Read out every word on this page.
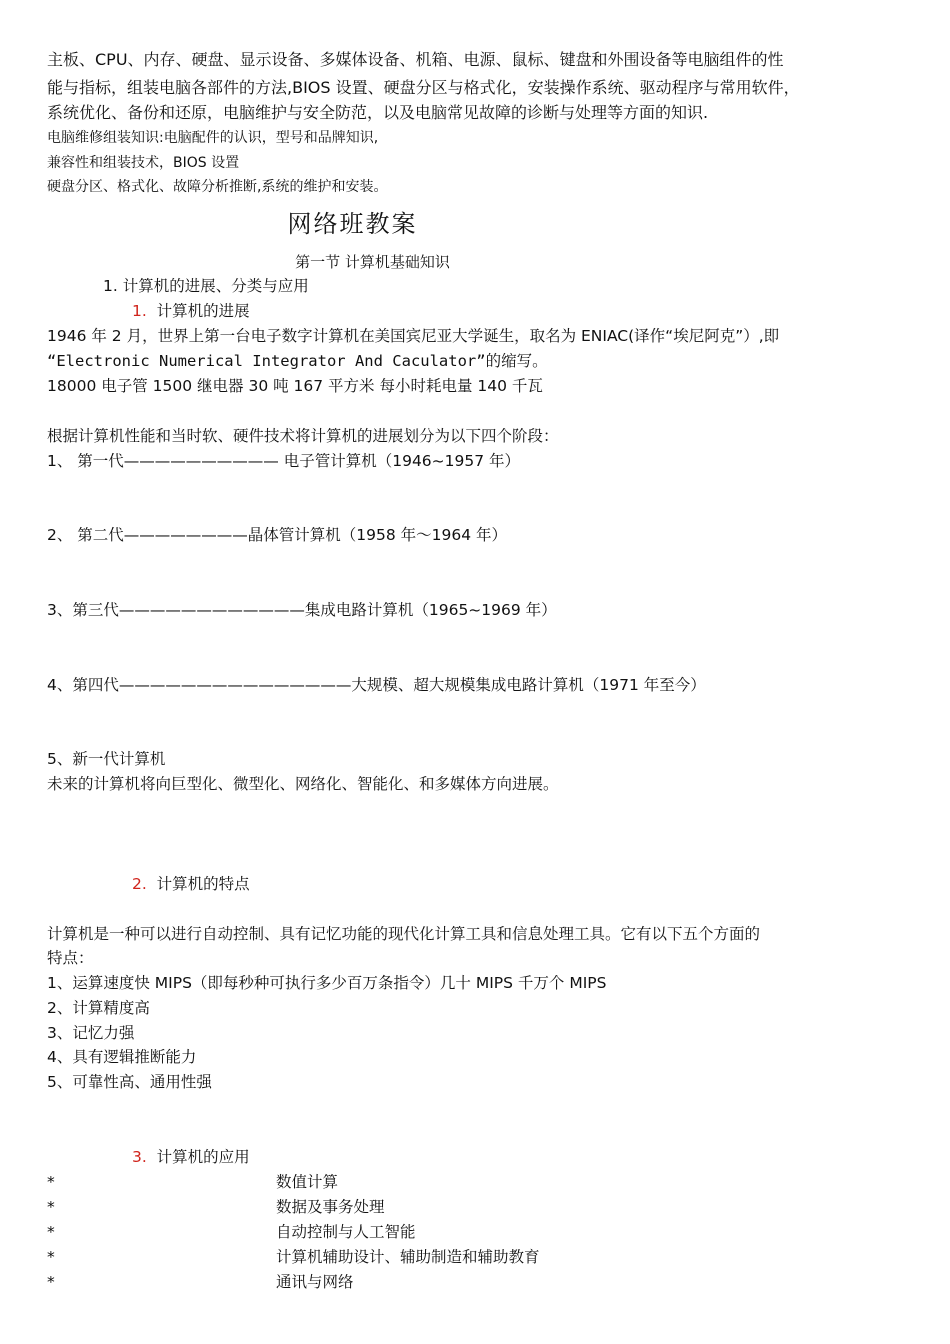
主板、CPU、内存、硬盘、显示设备、多媒体设备、机箱、电源、鼠标、键盘和外围设备等电脑组件的性
能与指标，组装电脑各部件的方法,BIOS 设置、硬盘分区与格式化，安装操作系统、驱动程序与常用软件，
系统优化、备份和还原，电脑维护与安全防范，以及电脑常见故障的诊断与处理等方面的知识.
电脑维修组装知识:电脑配件的认识，型号和品牌知识,
兼容性和组装技术，BIOS 设置
硬盘分区、格式化、故障分析推断,系统的维护和安装。
网络班教案
第一节 计算机基础知识
1. 计算机的进展、分类与应用
1. 计算机的进展
1946 年 2 月，世界上第一台电子数字计算机在美国宾尼亚大学诞生，取名为 ENIAC(译作“埃尼阿克”）,即
“Electronic Numerical Integrator And Caculator”的缩写。
18000 电子管 1500 继电器 30 吨 167 平方米 每小时耗电量 140 千瓦
根据计算机性能和当时软、硬件技术将计算机的进展划分为以下四个阶段：
1、 第一代—————————— 电子管计算机（1946~1957 年）
2、 第二代————————晶体管计算机（1958 年～1964 年）
3、第三代————————————集成电路计算机（1965~1969 年）
4、第四代———————————————大规模、超大规模集成电路计算机（1971 年至今）
5、新一代计算机
未来的计算机将向巨型化、微型化、网络化、智能化、和多媒体方向进展。
2. 计算机的特点
计算机是一种可以进行自动控制、具有记忆功能的现代化计算工具和信息处理工具。它有以下五个方面的
特点：
1、运算速度快 MIPS（即每秒种可执行多少百万条指令）几十 MIPS 千万个 MIPS
2、计算精度高
3、记忆力强
4、具有逻辑推断能力
5、可靠性高、通用性强
3. 计算机的应用
*	数值计算
*	数据及事务处理
*	自动控制与人工智能
*	计算机辅助设计、辅助制造和辅助教育
*	通讯与网络
